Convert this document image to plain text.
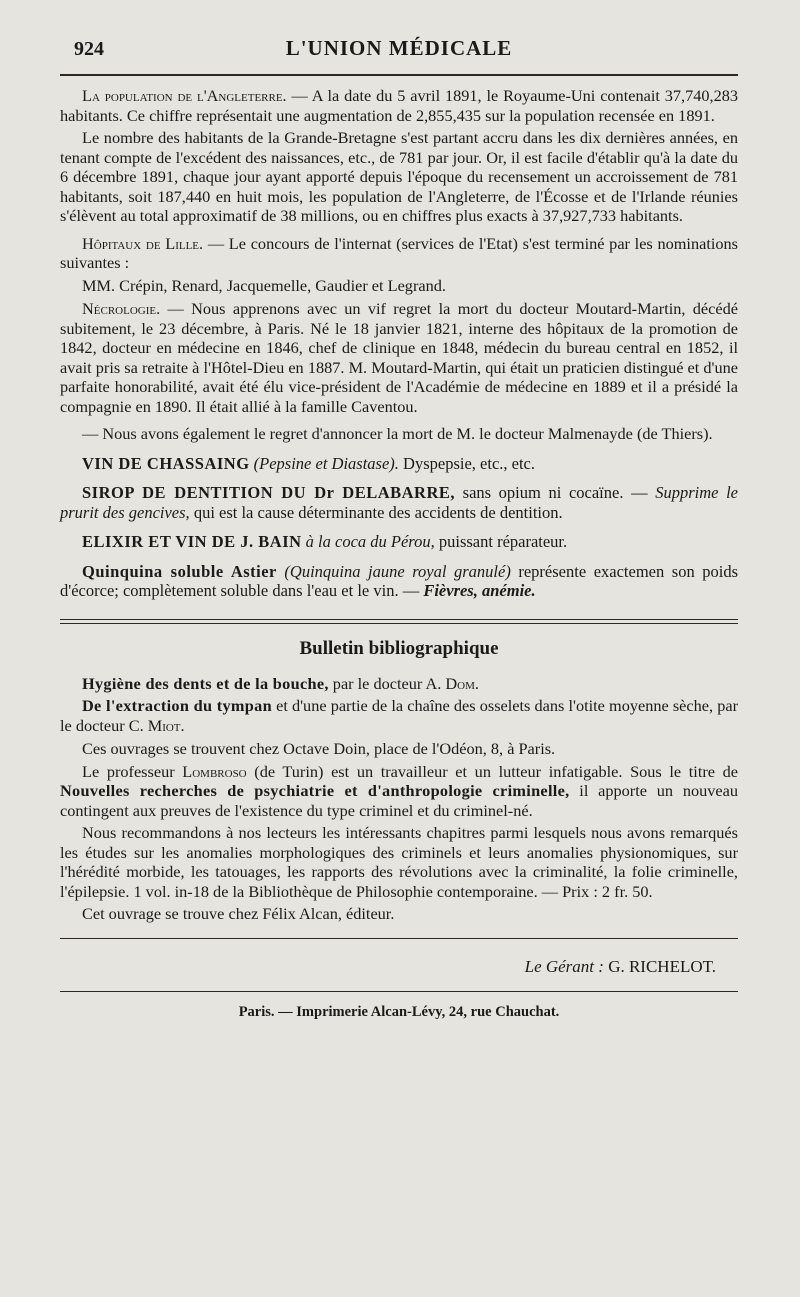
924	L'UNION MÉDICALE

La population de l'Angleterre. — A la date du 5 avril 1891, le Royaume-Uni contenait 37,740,283 habitants. Ce chiffre représentait une augmentation de 2,855,435 sur la population recensée en 1891.

Le nombre des habitants de la Grande-Bretagne s'est partant accru dans les dix dernières années, en tenant compte de l'excédent des naissances, etc., de 781 par jour. Or, il est facile d'établir qu'à la date du 6 décembre 1891, chaque jour ayant apporté depuis l'époque du recensement un accroissement de 781 habitants, soit 187,440 en huit mois, les population de l'Angleterre, de l'Écosse et de l'Irlande réunies s'élèvent au total approximatif de 38 millions, ou en chiffres plus exacts à 37,927,733 habitants.

Hôpitaux de Lille. — Le concours de l'internat (services de l'Etat) s'est terminé par les nominations suivantes :

MM. Crépin, Renard, Jacquemelle, Gaudier et Legrand.

Nécrologie. — Nous apprenons avec un vif regret la mort du docteur Moutard-Martin, décédé subitement, le 23 décembre, à Paris. Né le 18 janvier 1821, interne des hôpitaux de la promotion de 1842, docteur en médecine en 1846, chef de clinique en 1848, médecin du bureau central en 1852, il avait pris sa retraite à l'Hôtel-Dieu en 1887. M. Moutard-Martin, qui était un praticien distingué et d'une parfaite honorabilité, avait été élu vice-président de l'Académie de médecine en 1889 et il a présidé la compagnie en 1890. Il était allié à la famille Caventou.

— Nous avons également le regret d'annoncer la mort de M. le docteur Malmenayde (de Thiers).

VIN DE CHASSAING (Pepsine et Diastase). Dyspepsie, etc., etc.

SIROP DE DENTITION DU Dr DELABARRE, sans opium ni cocaïne. — Supprime le prurit des gencives, qui est la cause déterminante des accidents de dentition.

ELIXIR ET VIN DE J. BAIN à la coca du Pérou, puissant réparateur.

Quinquina soluble Astier (Quinquina jaune royal granulé) représente exactemen son poids d'écorce; complètement soluble dans l'eau et le vin. — Fièvres, anémie.

Bulletin bibliographique

Hygiène des dents et de la bouche, par le docteur A. Dom.

De l'extraction du tympan et d'une partie de la chaîne des osselets dans l'otite moyenne sèche, par le docteur C. Miot.

Ces ouvrages se trouvent chez Octave Doin, place de l'Odéon, 8, à Paris.

Le professeur Lombroso (de Turin) est un travailleur et un lutteur infatigable. Sous le titre de Nouvelles recherches de psychiatrie et d'anthropologie criminelle, il apporte un nouveau contingent aux preuves de l'existence du type criminel et du criminel-né.

Nous recommandons à nos lecteurs les intéressants chapitres parmi lesquels nous avons remarqués les études sur les anomalies morphologiques des criminels et leurs anomalies physionomiques, sur l'hérédité morbide, les tatouages, les rapports des révolutions avec la criminalité, la folie criminelle, l'épilepsie. 1 vol. in-18 de la Bibliothèque de Philosophie contemporaine. — Prix : 2 fr. 50.

Cet ouvrage se trouve chez Félix Alcan, éditeur.

Le Gérant : G. RICHELOT.
Paris. — Imprimerie Alcan-Lévy, 24, rue Chauchat.
